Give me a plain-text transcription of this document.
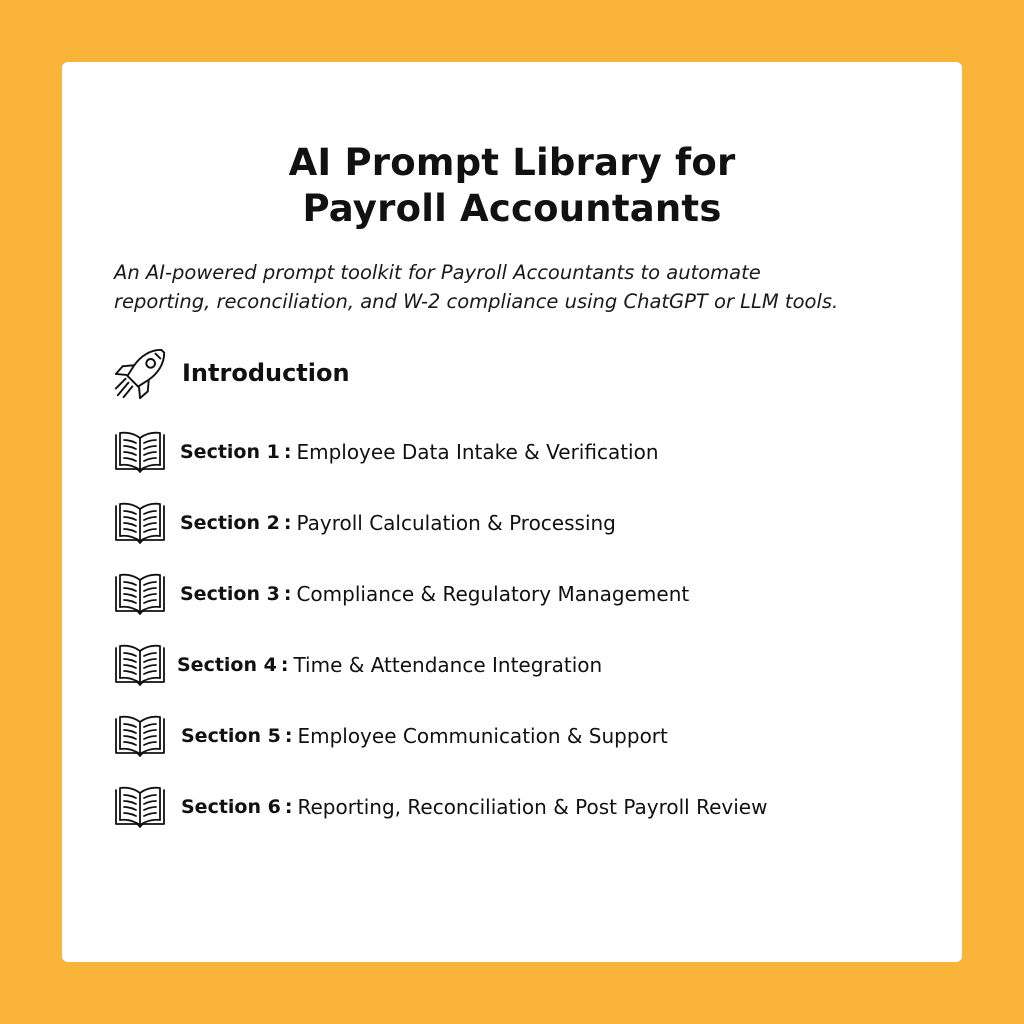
AI Prompt Library for
Payroll Accountants
An AI-powered prompt toolkit for Payroll Accountants to automate
reporting, reconciliation, and W-2 compliance using ChatGPT or LLM tools.
Introduction
Section 1 : Employee Data Intake & Verification
Section 2 : Payroll Calculation & Processing
Section 3 : Compliance & Regulatory Management
Section 4 : Time & Attendance Integration
Section 5 : Employee Communication & Support
Section 6 : Reporting, Reconciliation & Post Payroll Review
